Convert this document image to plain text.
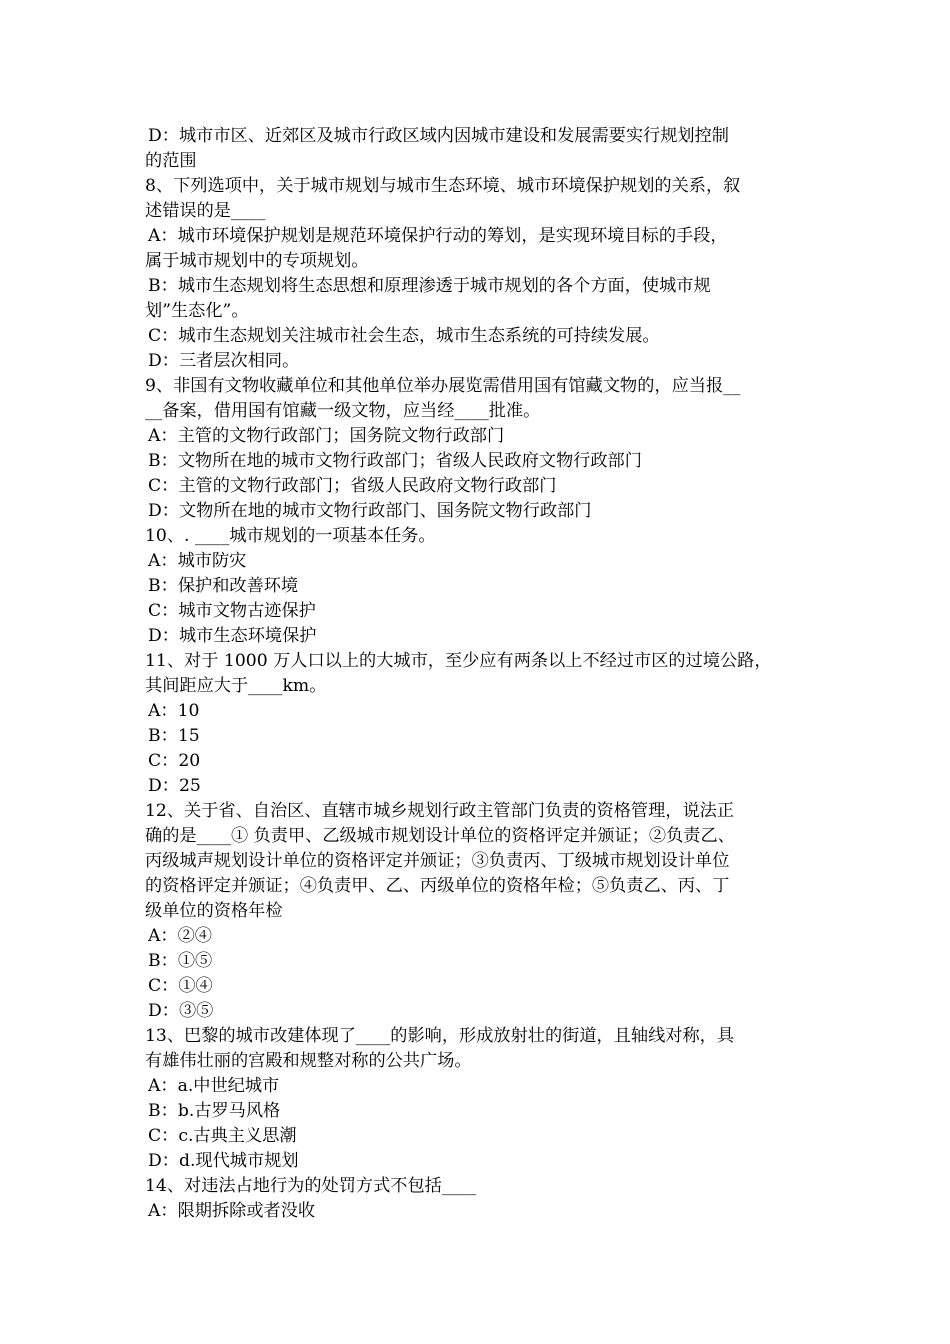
D：城市市区、近郊区及城市行政区域内因城市建设和发展需要实行规划控制
的范围
8、下列选项中，关于城市规划与城市生态环境、城市环境保护规划的关系，叙
述错误的是____
A：城市环境保护规划是规范环境保护行动的筹划，是实现环境目标的手段，
属于城市规划中的专项规划。
B：城市生态规划将生态思想和原理渗透于城市规划的各个方面，使城市规
划”生态化”。
C：城市生态规划关注城市社会生态，城市生态系统的可持续发展。
D：三者层次相同。
9、非国有文物收藏单位和其他单位举办展览需借用国有馆藏文物的，应当报__
__备案，借用国有馆藏一级文物，应当经____批准。
A：主管的文物行政部门；国务院文物行政部门
B：文物所在地的城市文物行政部门；省级人民政府文物行政部门
C：主管的文物行政部门；省级人民政府文物行政部门
D：文物所在地的城市文物行政部门、国务院文物行政部门
10、. ____城市规划的一项基本任务。
A：城市防灾
B：保护和改善环境
C：城市文物古迹保护
D：城市生态环境保护
11、对于 1000 万人口以上的大城市，至少应有两条以上不经过市区的过境公路，
其间距应大于____km。
A：10
B：15
C：20
D：25
12、关于省、自治区、直辖市城乡规划行政主管部门负责的资格管理，说法正
确的是____① 负责甲、乙级城市规划设计单位的资格评定并颁证；②负责乙、
丙级城声规划设计单位的资格评定并颁证；③负责丙、丁级城市规划设计单位
的资格评定并颁证；④负责甲、乙、丙级单位的资格年检；⑤负责乙、丙、丁
级单位的资格年检
A：②④
B：①⑤
C：①④
D：③⑤
13、巴黎的城市改建体现了____的影响，形成放射壮的街道，且轴线对称，具
有雄伟壮丽的宫殿和规整对称的公共广场。
A：a.中世纪城市
B：b.古罗马风格
C：c.古典主义思潮
D：d.现代城市规划
14、对违法占地行为的处罚方式不包括____
A：限期拆除或者没收
